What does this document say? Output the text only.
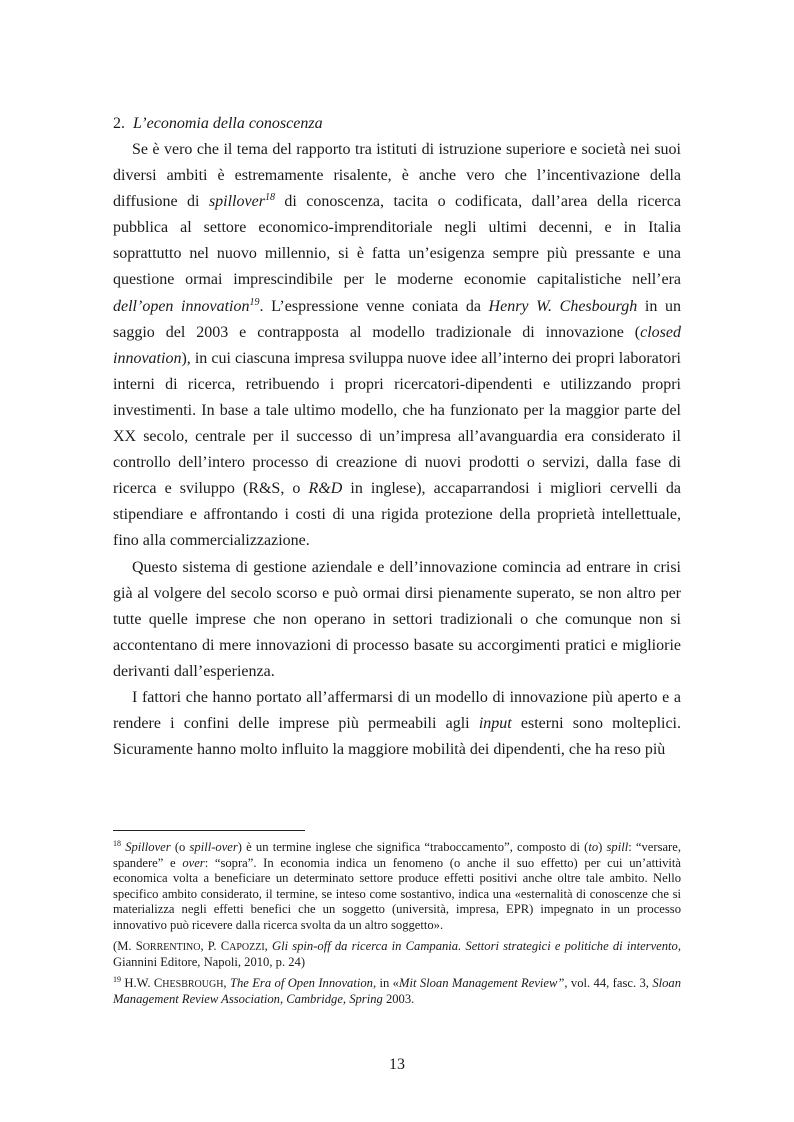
2. L’economia della conoscenza

Se è vero che il tema del rapporto tra istituti di istruzione superiore e società nei suoi diversi ambiti è estremamente risalente, è anche vero che l’incentivazione della diffusione di spillover$^{18}$ di conoscenza, tacita o codificata, dall’area della ricerca pubblica al settore economico-imprenditoriale negli ultimi decenni, e in Italia soprattutto nel nuovo millennio, si è fatta un’esigenza sempre più pressante e una questione ormai imprescindibile per le moderne economie capitalistiche nell’era dell’open innovation$^{19}$. L’espressione venne coniata da Henry W. Chesbourgh in un saggio del 2003 e contrapposta al modello tradizionale di innovazione (closed innovation), in cui ciascuna impresa sviluppa nuove idee all’interno dei propri laboratori interni di ricerca, retribuendo i propri ricercatori-dipendenti e utilizzando propri investimenti. In base a tale ultimo modello, che ha funzionato per la maggior parte del XX secolo, centrale per il successo di un’impresa all’avanguardia era considerato il controllo dell’intero processo di creazione di nuovi prodotti o servizi, dalla fase di ricerca e sviluppo (R&S, o R&D in inglese), accaparrandosi i migliori cervelli da stipendiare e affrontando i costi di una rigida protezione della proprietà intellettuale, fino alla commercializzazione.

Questo sistema di gestione aziendale e dell’innovazione comincia ad entrare in crisi già al volgere del secolo scorso e può ormai dirsi pienamente superato, se non altro per tutte quelle imprese che non operano in settori tradizionali o che comunque non si accontentano di mere innovazioni di processo basate su accorgimenti pratici e migliorie derivanti dall’esperienza.

I fattori che hanno portato all’affermarsi di un modello di innovazione più aperto e a rendere i confini delle imprese più permeabili agli input esterni sono molteplici. Sicuramente hanno molto influito la maggiore mobilità dei dipendenti, che ha reso più

$^{18}$ Spillover (o spill-over) è un termine inglese che significa “traboccamento”, composto di (to) spill: “versare, spandere” e over: “sopra”. In economia indica un fenomeno (o anche il suo effetto) per cui un’attività economica volta a beneficiare un determinato settore produce effetti positivi anche oltre tale ambito. Nello specifico ambito considerato, il termine, se inteso come sostantivo, indica una «esternalità di conoscenze che si materializza negli effetti benefici che un soggetto (università, impresa, EPR) impegnato in un processo innovativo può ricevere dalla ricerca svolta da un altro soggetto».

(M. SORRENTINO, P. CAPOZZI, Gli spin-off da ricerca in Campania. Settori strategici e politiche di intervento, Giannini Editore, Napoli, 2010, p. 24)

$^{19}$ H.W. CHESBROUGH, The Era of Open Innovation, in «Mit Sloan Management Review”, vol. 44, fasc. 3, Sloan Management Review Association, Cambridge, Spring 2003.

13
